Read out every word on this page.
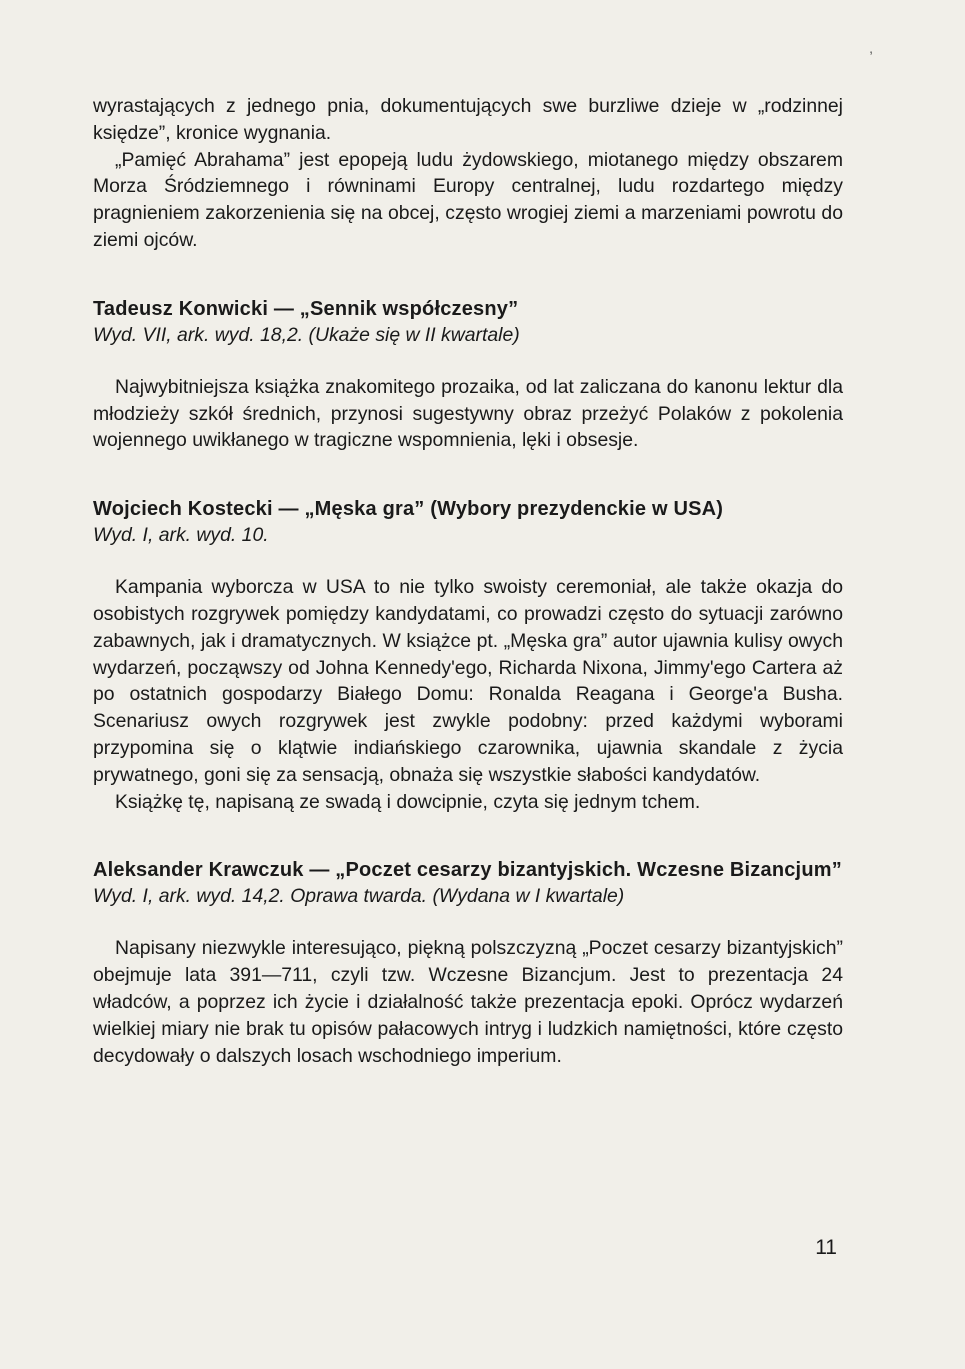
,

wyrastających z jednego pnia, dokumentujących swe burzliwe dzieje w „rodzinnej księdze”, kronice wygnania.

„Pamięć Abrahama” jest epopeją ludu żydowskiego, miotanego między obszarem Morza Śródziemnego i równinami Europy centralnej, ludu rozdartego między pragnieniem zakorzenienia się na obcej, często wrogiej ziemi a marzeniami powrotu do ziemi ojców.

Tadeusz Konwicki — „Sennik współczesny”

Wyd. VII, ark. wyd. 18,2. (Ukaże się w II kwartale)

Najwybitniejsza książka znakomitego prozaika, od lat zaliczana do kanonu lektur dla młodzieży szkół średnich, przynosi sugestywny obraz przeżyć Polaków z pokolenia wojennego uwikłanego w tragiczne wspomnienia, lęki i obsesje.

Wojciech Kostecki — „Męska gra” (Wybory prezydenckie w USA)

Wyd. I, ark. wyd. 10.

Kampania wyborcza w USA to nie tylko swoisty ceremoniał, ale także okazja do osobistych rozgrywek pomiędzy kandydatami, co prowadzi często do sytuacji zarówno zabawnych, jak i dramatycznych. W książce pt. „Męska gra” autor ujawnia kulisy owych wydarzeń, począwszy od Johna Kennedy'ego, Richarda Nixona, Jimmy'ego Cartera aż po ostatnich gospodarzy Białego Domu: Ronalda Reagana i George'a Busha. Scenariusz owych rozgrywek jest zwykle podobny: przed każdymi wyborami przypomina się o klątwie indiańskiego czarownika, ujawnia skandale z życia prywatnego, goni się za sensacją, obnaża się wszystkie słabości kandydatów.

Książkę tę, napisaną ze swadą i dowcipnie, czyta się jednym tchem.

Aleksander Krawczuk — „Poczet cesarzy bizantyjskich. Wczesne Bizancjum”

Wyd. I, ark. wyd. 14,2. Oprawa twarda. (Wydana w I kwartale)

Napisany niezwykle interesująco, piękną polszczyzną „Poczet cesarzy bizantyjskich” obejmuje lata 391—711, czyli tzw. Wczesne Bizancjum. Jest to prezentacja 24 władców, a poprzez ich życie i działalność także prezentacja epoki. Oprócz wydarzeń wielkiej miary nie brak tu opisów pałacowych intryg i ludzkich namiętności, które często decydowały o dalszych losach wschodniego imperium.

11
